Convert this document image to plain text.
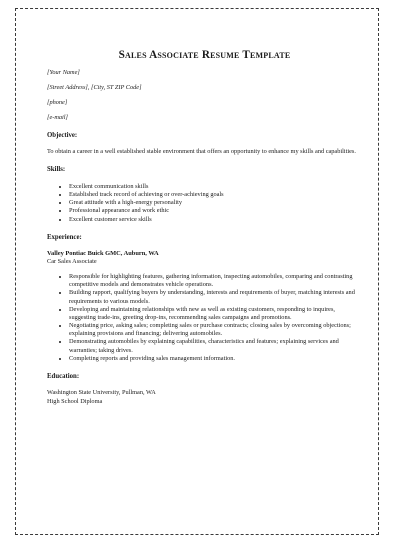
Sales Associate Resume Template
[Your Name]
[Street Address], [City, ST ZIP Code]
[phone]
[e-mail]
Objective:

To obtain a career in a well established stable environment that offers an opportunity to enhance my skills and capabilities.

Skills:
• Excellent communication skills
• Established track record of achieving or over-achieving goals
• Great attitude with a high-energy personality
• Professional appearance and work ethic
• Excellent customer service skills
Experience:
Valley Pontiac Buick GMC, Auburn, WA
Car Sales Associate
• Responsible for highlighting features, gathering information, inspecting automobiles, comparing and contrasting competitive models and demonstrates vehicle operations.
• Building rapport, qualifying buyers by understanding, interests and requirements of buyer, matching interests and requirements to various models.
• Developing and maintaining relationships with new as well as existing customers, responding to inquires, suggesting trade-ins, greeting drop-ins, recommending sales campaigns and promotions.
• Negotiating price, asking sales; completing sales or purchase contracts; closing sales by overcoming objections; explaining provisions and financing; delivering automobiles.
• Demonstrating automobiles by explaining capabilities, characteristics and features; explaining services and warranties; taking drives.
• Completing reports and providing sales management information.
Education:
Washington State University, Pullman, WA
High School Diploma
